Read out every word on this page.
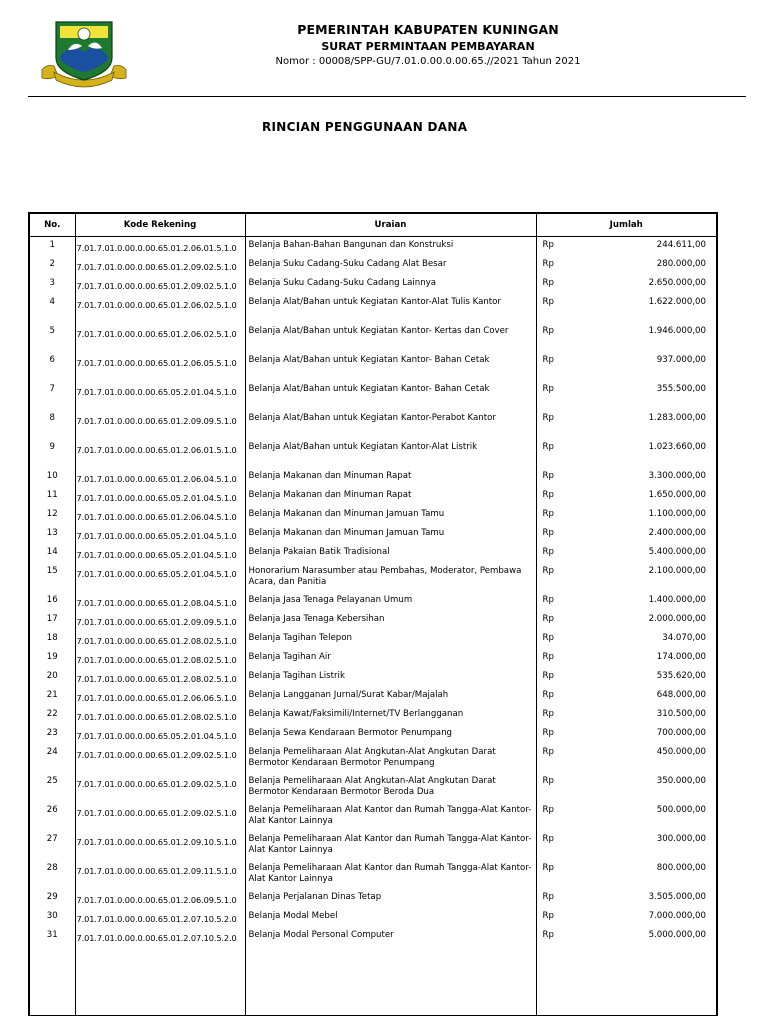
PEMERINTAH KABUPATEN KUNINGAN
SURAT PERMINTAAN PEMBAYARAN
Nomor : 00008/SPP-GU/7.01.0.00.0.00.65.//2021 Tahun 2021
RINCIAN PENGGUNAAN DANA
No.	Kode Rekening	Uraian	Jumlah
1	7.01.7.01.0.00.0.00.65.01.2.06.01.5.1.0	Belanja Bahan-Bahan Bangunan dan Konstruksi	Rp 244.611,00

2	7.01.7.01.0.00.0.00.65.01.2.09.02.5.1.0	Belanja Suku Cadang-Suku Cadang Alat Besar	Rp 280.000,00

3	7.01.7.01.0.00.0.00.65.01.2.09.02.5.1.0	Belanja Suku Cadang-Suku Cadang Lainnya	Rp 2.650.000,00

4	7.01.7.01.0.00.0.00.65.01.2.06.02.5.1.0	Belanja Alat/Bahan untuk Kegiatan Kantor-Alat Tulis Kantor	Rp 1.622.000,00

5	7.01.7.01.0.00.0.00.65.01.2.06.02.5.1.0	Belanja Alat/Bahan untuk Kegiatan Kantor- Kertas dan Cover	Rp 1.946.000,00

6	7.01.7.01.0.00.0.00.65.01.2.06.05.5.1.0	Belanja Alat/Bahan untuk Kegiatan Kantor- Bahan Cetak	Rp 937.000,00

7	7.01.7.01.0.00.0.00.65.05.2.01.04.5.1.0	Belanja Alat/Bahan untuk Kegiatan Kantor- Bahan Cetak	Rp 355.500,00

8	7.01.7.01.0.00.0.00.65.01.2.09.09.5.1.0	Belanja Alat/Bahan untuk Kegiatan Kantor-Perabot Kantor	Rp 1.283.000,00

9	7.01.7.01.0.00.0.00.65.01.2.06.01.5.1.0	Belanja Alat/Bahan untuk Kegiatan Kantor-Alat Listrik	Rp 1.023.660,00

10	7.01.7.01.0.00.0.00.65.01.2.06.04.5.1.0	Belanja Makanan dan Minuman Rapat	Rp 3.300.000,00

11	7.01.7.01.0.00.0.00.65.05.2.01.04.5.1.0	Belanja Makanan dan Minuman Rapat	Rp 1.650.000,00

12	7.01.7.01.0.00.0.00.65.01.2.06.04.5.1.0	Belanja Makanan dan Minuman Jamuan Tamu	Rp 1.100.000,00

13	7.01.7.01.0.00.0.00.65.05.2.01.04.5.1.0	Belanja Makanan dan Minuman Jamuan Tamu	Rp 2.400.000,00

14	7.01.7.01.0.00.0.00.65.05.2.01.04.5.1.0	Belanja Pakaian Batik Tradisional	Rp 5.400.000,00

15	7.01.7.01.0.00.0.00.65.05.2.01.04.5.1.0	Honorarium Narasumber atau Pembahas, Moderator, Pembawa Acara, dan Panitia	Rp 2.100.000,00

16	7.01.7.01.0.00.0.00.65.01.2.08.04.5.1.0	Belanja Jasa Tenaga Pelayanan Umum	Rp 1.400.000,00

17	7.01.7.01.0.00.0.00.65.01.2.09.09.5.1.0	Belanja Jasa Tenaga Kebersihan	Rp 2.000.000,00

18	7.01.7.01.0.00.0.00.65.01.2.08.02.5.1.0	Belanja Tagihan Telepon	Rp 34.070,00

19	7.01.7.01.0.00.0.00.65.01.2.08.02.5.1.0	Belanja Tagihan Air	Rp 174.000,00

20	7.01.7.01.0.00.0.00.65.01.2.08.02.5.1.0	Belanja Tagihan Listrik	Rp 535.620,00

21	7.01.7.01.0.00.0.00.65.01.2.06.06.5.1.0	Belanja Langganan Jurnal/Surat Kabar/Majalah	Rp 648.000,00

22	7.01.7.01.0.00.0.00.65.01.2.08.02.5.1.0	Belanja Kawat/Faksimili/Internet/TV Berlangganan	Rp 310.500,00

23	7.01.7.01.0.00.0.00.65.05.2.01.04.5.1.0	Belanja Sewa Kendaraan Bermotor Penumpang	Rp 700.000,00

24	7.01.7.01.0.00.0.00.65.01.2.09.02.5.1.0	Belanja Pemeliharaan Alat Angkutan-Alat Angkutan Darat Bermotor Kendaraan Bermotor Penumpang	Rp 450.000,00

25	7.01.7.01.0.00.0.00.65.01.2.09.02.5.1.0	Belanja Pemeliharaan Alat Angkutan-Alat Angkutan Darat Bermotor Kendaraan Bermotor Beroda Dua	Rp 350.000,00

26	7.01.7.01.0.00.0.00.65.01.2.09.02.5.1.0	Belanja Pemeliharaan Alat Kantor dan Rumah Tangga-Alat Kantor- Alat Kantor Lainnya	Rp 500.000,00

27	7.01.7.01.0.00.0.00.65.01.2.09.10.5.1.0	Belanja Pemeliharaan Alat Kantor dan Rumah Tangga-Alat Kantor- Alat Kantor Lainnya	Rp 300.000,00

28	7.01.7.01.0.00.0.00.65.01.2.09.11.5.1.0	Belanja Pemeliharaan Alat Kantor dan Rumah Tangga-Alat Kantor- Alat Kantor Lainnya	Rp 800.000,00

29	7.01.7.01.0.00.0.00.65.01.2.06.09.5.1.0	Belanja Perjalanan Dinas Tetap	Rp 3.505.000,00

30	7.01.7.01.0.00.0.00.65.01.2.07.10.5.2.0	Belanja Modal Mebel	Rp 7.000.000,00

31	7.01.7.01.0.00.0.00.65.01.2.07.10.5.2.0	Belanja Modal Personal Computer	Rp 5.000.000,00
